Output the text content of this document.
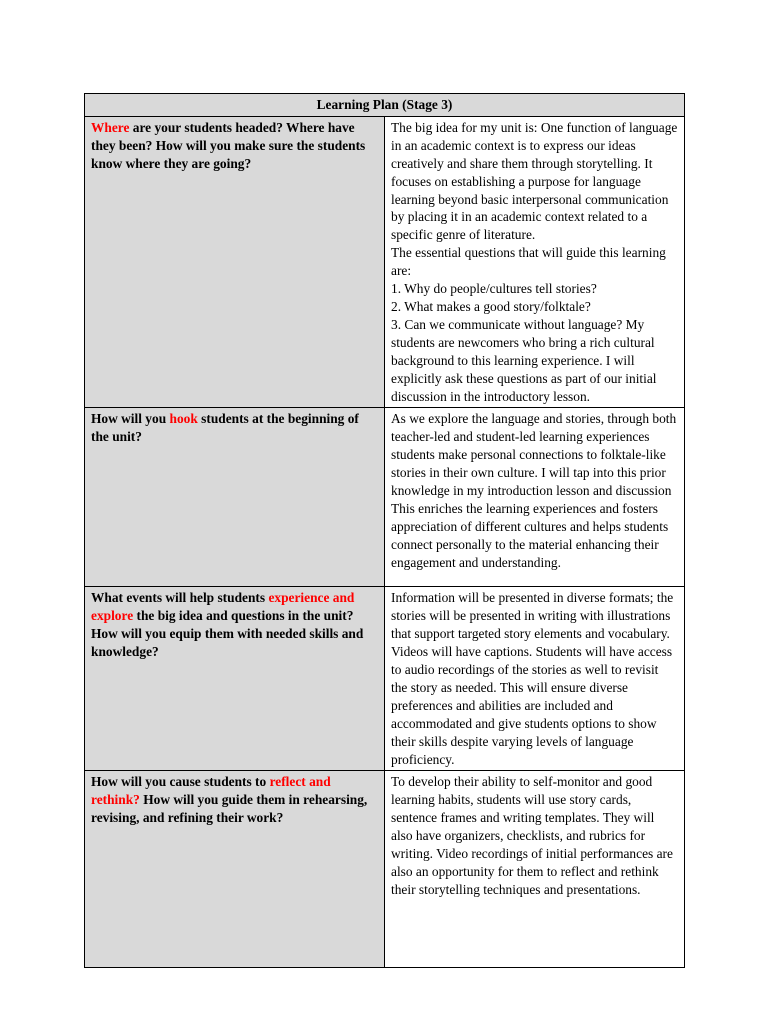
Learning Plan (Stage 3)	
Where are your students headed? Where have they been? How will you make sure the students know where they are going?	The big idea for my unit is: One function of language in an academic context is to express our ideas creatively and share them through storytelling. It focuses on establishing a purpose for language learning beyond basic interpersonal communication by placing it in an academic context related to a specific genre of literature.
The essential questions that will guide this learning are:
1. Why do people/cultures tell stories?
2. What makes a good story/folktale?
3. Can we communicate without language? My students are newcomers who bring a rich cultural background to this learning experience. I will explicitly ask these questions as part of our initial discussion in the introductory lesson.

How will you hook students at the beginning of the unit?	As we explore the language and stories, through both teacher-led and student-led learning experiences students make personal connections to folktale-like stories in their own culture. I will tap into this prior knowledge in my introduction lesson and discussion This enriches the learning experiences and fosters appreciation of different cultures and helps students connect personally to the material enhancing their engagement and understanding.

What events will help students experience and explore the big idea and questions in the unit? How will you equip them with needed skills and knowledge?	Information will be presented in diverse formats; the stories will be presented in writing with illustrations that support targeted story elements and vocabulary. Videos will have captions. Students will have access to audio recordings of the stories as well to revisit the story as needed. This will ensure diverse preferences and abilities are included and accommodated and give students options to show their skills despite varying levels of language proficiency.

How will you cause students to reflect and rethink? How will you guide them in rehearsing, revising, and refining their work?	To develop their ability to self-monitor and good learning habits, students will use story cards, sentence frames and writing templates. They will also have organizers, checklists, and rubrics for writing. Video recordings of initial performances are also an opportunity for them to reflect and rethink their storytelling techniques and presentations.
